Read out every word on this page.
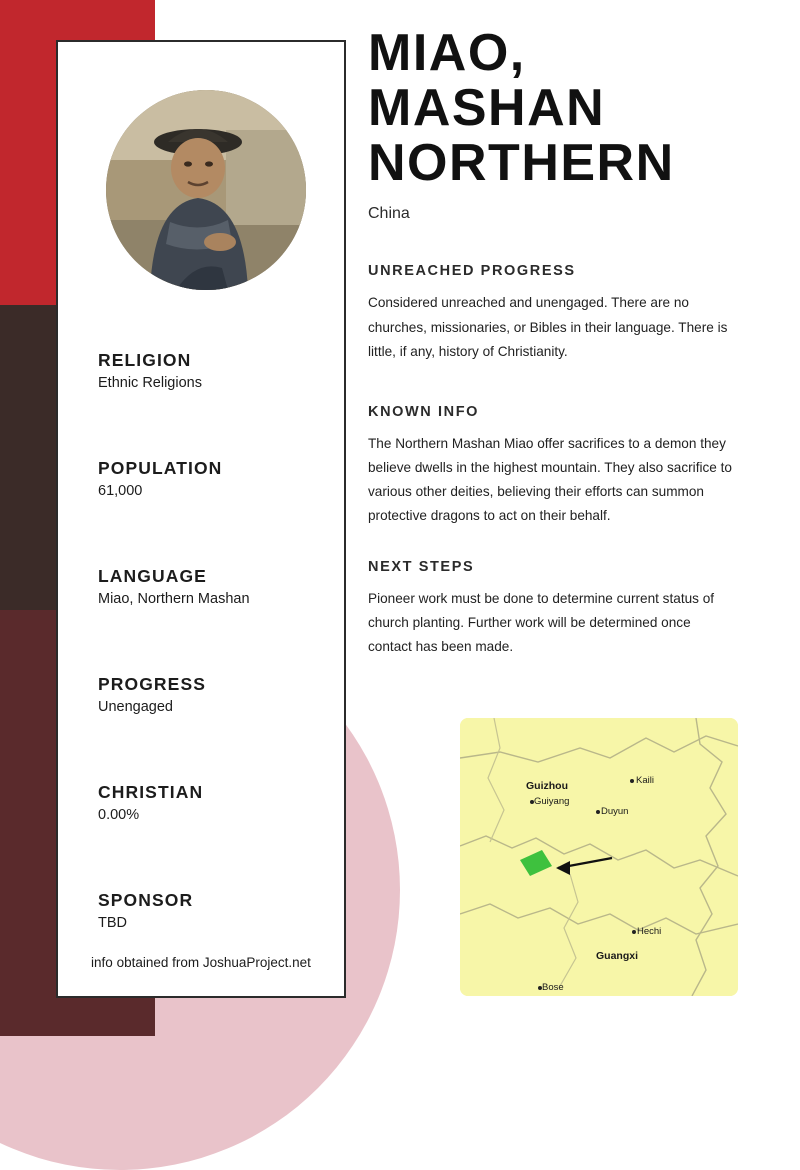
RELIGION

Ethnic Religions

POPULATION

61,000

LANGUAGE

Miao, Northern Mashan

PROGRESS

Unengaged

CHRISTIAN

0.00%

SPONSOR

TBD

info obtained from JoshuaProject.net
MIAO, MASHAN NORTHERN

China

UNREACHED PROGRESS

Considered unreached and unengaged. There are no churches, missionaries, or Bibles in their language. There is little, if any, history of Christianity.

KNOWN INFO

The Northern Mashan Miao offer sacrifices to a demon they believe dwells in the highest mountain. They also sacrifice to various other deities, believing their efforts can summon protective dragons to act on their behalf.

NEXT STEPS

Pioneer work must be done to determine current status of church planting. Further work will be determined once contact has been made.

Guizhou
Guiyang
Kaili
Duyun
Hechi
Guangxi
Bose
